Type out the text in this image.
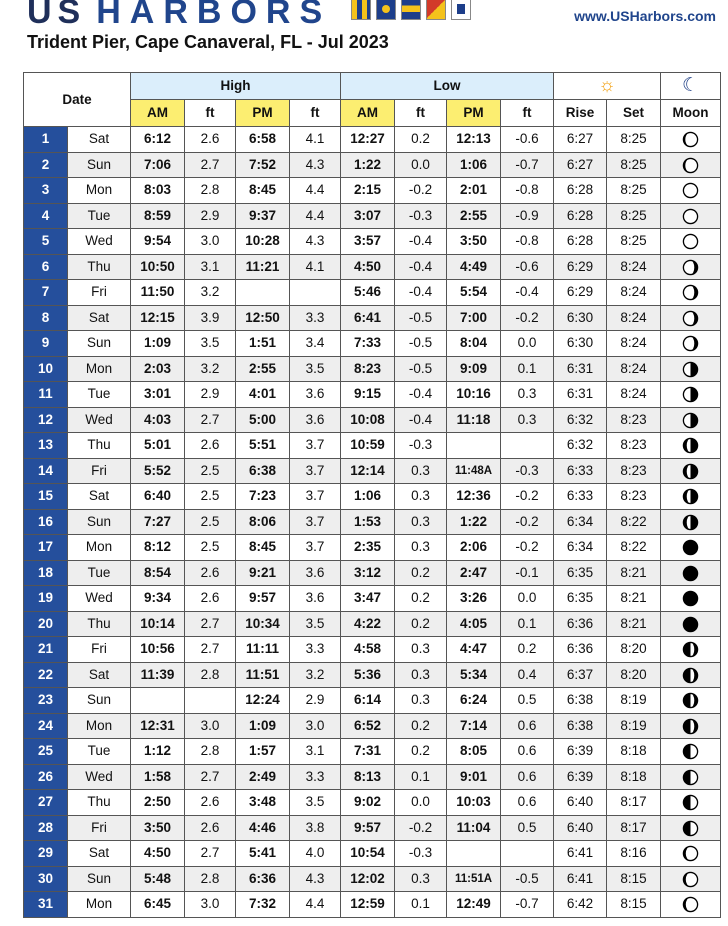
US HARBORS	www.USHarbors.com
Trident Pier, Cape Canaveral, FL - Jul 2023
Date		High				Low				☼		☾
		AM	ft	PM	ft	AM	ft	PM	ft	Rise	Set	Moon
1	Sat	6:12	2.6	6:58	4.1	12:27	0.2	12:13	-0.6	6:27	8:25	
2	Sun	7:06	2.7	7:52	4.3	1:22	0.0	1:06	-0.7	6:27	8:25	
3	Mon	8:03	2.8	8:45	4.4	2:15	-0.2	2:01	-0.8	6:28	8:25	
4	Tue	8:59	2.9	9:37	4.4	3:07	-0.3	2:55	-0.9	6:28	8:25	
5	Wed	9:54	3.0	10:28	4.3	3:57	-0.4	3:50	-0.8	6:28	8:25	
6	Thu	10:50	3.1	11:21	4.1	4:50	-0.4	4:49	-0.6	6:29	8:24	
7	Fri	11:50	3.2			5:46	-0.4	5:54	-0.4	6:29	8:24	
8	Sat	12:15	3.9	12:50	3.3	6:41	-0.5	7:00	-0.2	6:30	8:24	
9	Sun	1:09	3.5	1:51	3.4	7:33	-0.5	8:04	0.0	6:30	8:24	
10	Mon	2:03	3.2	2:55	3.5	8:23	-0.5	9:09	0.1	6:31	8:24	
11	Tue	3:01	2.9	4:01	3.6	9:15	-0.4	10:16	0.3	6:31	8:24	
12	Wed	4:03	2.7	5:00	3.6	10:08	-0.4	11:18	0.3	6:32	8:23	
13	Thu	5:01	2.6	5:51	3.7	10:59	-0.3			6:32	8:23	
14	Fri	5:52	2.5	6:38	3.7	12:14	0.3	11:48A	-0.3	6:33	8:23	
15	Sat	6:40	2.5	7:23	3.7	1:06	0.3	12:36	-0.2	6:33	8:23	
16	Sun	7:27	2.5	8:06	3.7	1:53	0.3	1:22	-0.2	6:34	8:22	
17	Mon	8:12	2.5	8:45	3.7	2:35	0.3	2:06	-0.2	6:34	8:22	
18	Tue	8:54	2.6	9:21	3.6	3:12	0.2	2:47	-0.1	6:35	8:21	
19	Wed	9:34	2.6	9:57	3.6	3:47	0.2	3:26	0.0	6:35	8:21	
20	Thu	10:14	2.7	10:34	3.5	4:22	0.2	4:05	0.1	6:36	8:21	
21	Fri	10:56	2.7	11:11	3.3	4:58	0.3	4:47	0.2	6:36	8:20	
22	Sat	11:39	2.8	11:51	3.2	5:36	0.3	5:34	0.4	6:37	8:20	
23	Sun			12:24	2.9	6:14	0.3	6:24	0.5	6:38	8:19	
24	Mon	12:31	3.0	1:09	3.0	6:52	0.2	7:14	0.6	6:38	8:19	
25	Tue	1:12	2.8	1:57	3.1	7:31	0.2	8:05	0.6	6:39	8:18	
26	Wed	1:58	2.7	2:49	3.3	8:13	0.1	9:01	0.6	6:39	8:18	
27	Thu	2:50	2.6	3:48	3.5	9:02	0.0	10:03	0.6	6:40	8:17	
28	Fri	3:50	2.6	4:46	3.8	9:57	-0.2	11:04	0.5	6:40	8:17	
29	Sat	4:50	2.7	5:41	4.0	10:54	-0.3			6:41	8:16	
30	Sun	5:48	2.8	6:36	4.3	12:02	0.3	11:51A	-0.5	6:41	8:15	
31	Mon	6:45	3.0	7:32	4.4	12:59	0.1	12:49	-0.7	6:42	8:15	
